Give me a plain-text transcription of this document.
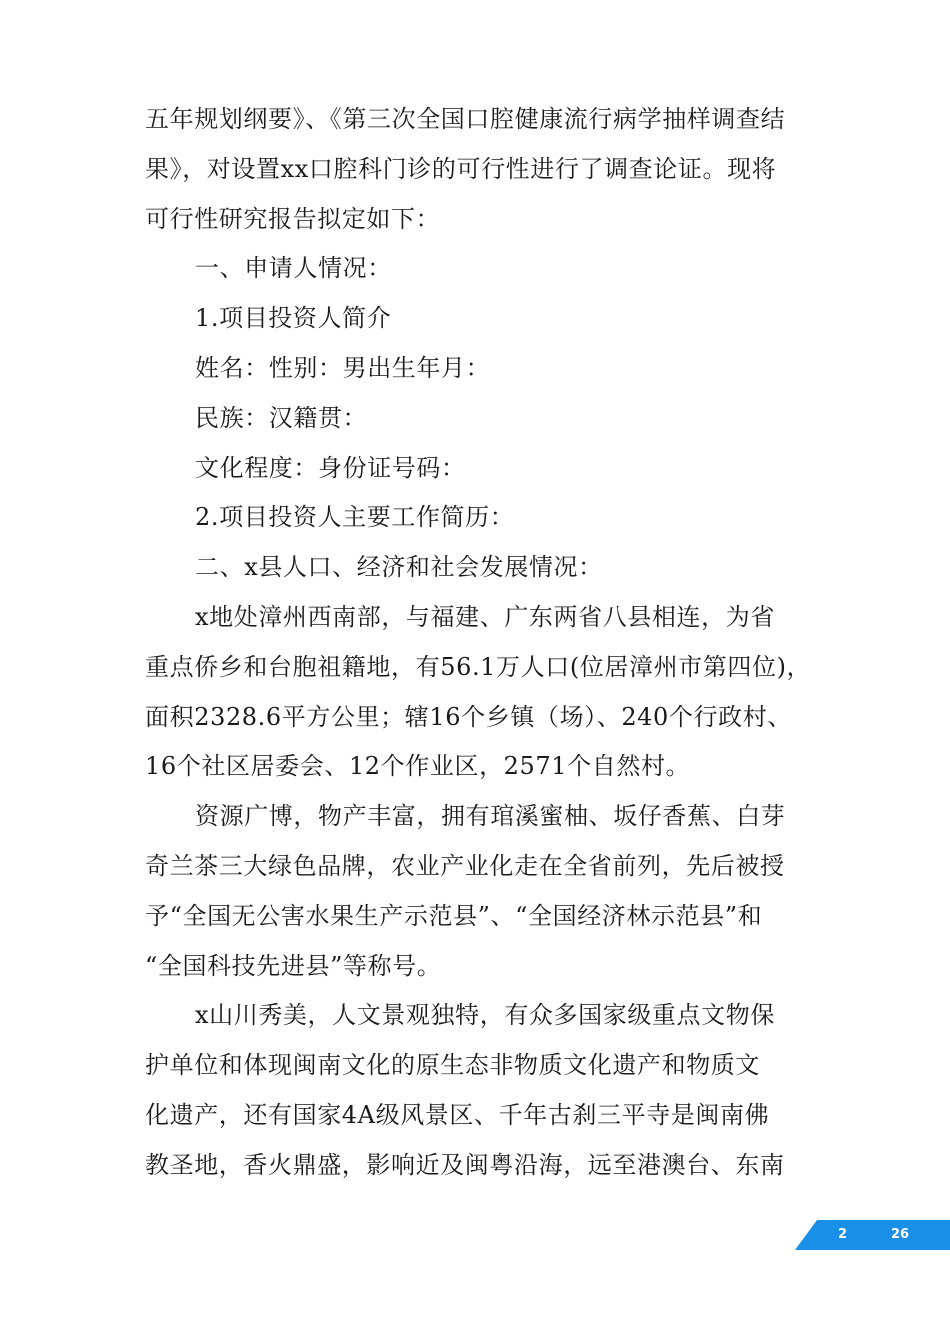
五年规划纲要》、《第三次全国口腔健康流行病学抽样调查结
果》，对设置xx口腔科门诊的可行性进行了调查论证。现将
可行性研究报告拟定如下：
一、申请人情况：
1.项目投资人简介
姓名：性别：男出生年月：
民族：汉籍贯：
文化程度：身份证号码：
2.项目投资人主要工作简历：
二、x县人口、经济和社会发展情况：
x地处漳州西南部，与福建、广东两省八县相连，为省
重点侨乡和台胞祖籍地，有56.1万人口(位居漳州市第四位)，
面积2328.6平方公里；辖16个乡镇（场）、240个行政村、
16个社区居委会、12个作业区，2571个自然村。
资源广博，物产丰富，拥有琯溪蜜柚、坂仔香蕉、白芽
奇兰茶三大绿色品牌，农业产业化走在全省前列，先后被授
予“全国无公害水果生产示范县”、“全国经济林示范县”和
“全国科技先进县”等称号。
x山川秀美，人文景观独特，有众多国家级重点文物保
护单位和体现闽南文化的原生态非物质文化遗产和物质文
化遗产，还有国家4A级风景区、千年古刹三平寺是闽南佛
教圣地，香火鼎盛，影响近及闽粤沿海，远至港澳台、东南
2	26
